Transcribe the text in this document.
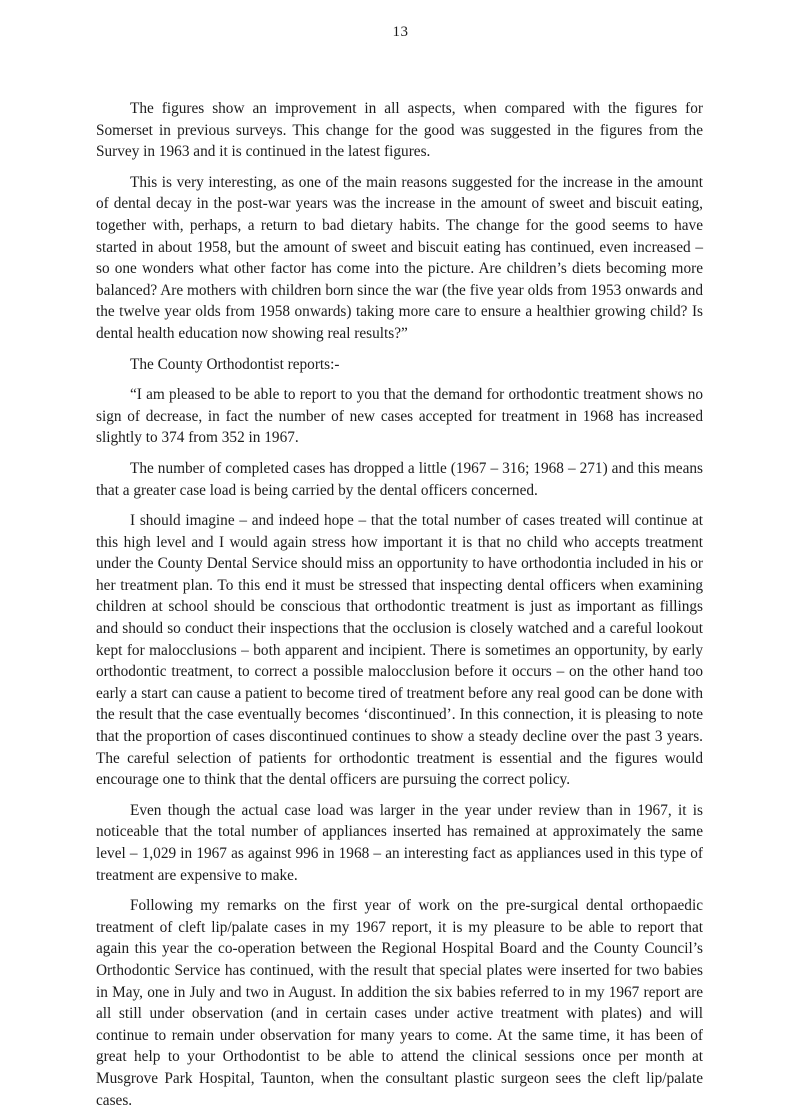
13

The figures show an improvement in all aspects, when compared with the figures for Somerset in previous surveys. This change for the good was suggested in the figures from the Survey in 1963 and it is continued in the latest figures.

This is very interesting, as one of the main reasons suggested for the increase in the amount of dental decay in the post-war years was the increase in the amount of sweet and biscuit eating, together with, perhaps, a return to bad dietary habits. The change for the good seems to have started in about 1958, but the amount of sweet and biscuit eating has continued, even increased – so one wonders what other factor has come into the picture. Are children’s diets becoming more balanced? Are mothers with children born since the war (the five year olds from 1953 onwards and the twelve year olds from 1958 onwards) taking more care to ensure a healthier growing child? Is dental health education now showing real results?”

The County Orthodontist reports:-

“I am pleased to be able to report to you that the demand for orthodontic treatment shows no sign of decrease, in fact the number of new cases accepted for treatment in 1968 has increased slightly to 374 from 352 in 1967.

The number of completed cases has dropped a little (1967 – 316; 1968 – 271) and this means that a greater case load is being carried by the dental officers concerned.

I should imagine – and indeed hope – that the total number of cases treated will continue at this high level and I would again stress how important it is that no child who accepts treatment under the County Dental Service should miss an opportunity to have orthodontia included in his or her treatment plan. To this end it must be stressed that inspecting dental officers when examining children at school should be conscious that orthodontic treatment is just as important as fillings and should so conduct their inspections that the occlusion is closely watched and a careful lookout kept for malocclusions – both apparent and incipient. There is sometimes an opportunity, by early orthodontic treatment, to correct a possible malocclusion before it occurs – on the other hand too early a start can cause a patient to become tired of treatment before any real good can be done with the result that the case eventually becomes ‘discontinued’. In this connection, it is pleasing to note that the proportion of cases discontinued continues to show a steady decline over the past 3 years. The careful selection of patients for orthodontic treatment is essential and the figures would encourage one to think that the dental officers are pursuing the correct policy.

Even though the actual case load was larger in the year under review than in 1967, it is noticeable that the total number of appliances inserted has remained at approximately the same level – 1,029 in 1967 as against 996 in 1968 – an interesting fact as appliances used in this type of treatment are expensive to make.

Following my remarks on the first year of work on the pre-surgical dental orthopaedic treatment of cleft lip/palate cases in my 1967 report, it is my pleasure to be able to report that again this year the co-operation between the Regional Hospital Board and the County Council’s Orthodontic Service has continued, with the result that special plates were inserted for two babies in May, one in July and two in August. In addition the six babies referred to in my 1967 report are all still under observation (and in certain cases under active treatment with plates) and will continue to remain under observation for many years to come. At the same time, it has been of great help to your Orthodontist to be able to attend the clinical sessions once per month at Musgrove Park Hospital, Taunton, when the consultant plastic surgeon sees the cleft lip/palate cases.
